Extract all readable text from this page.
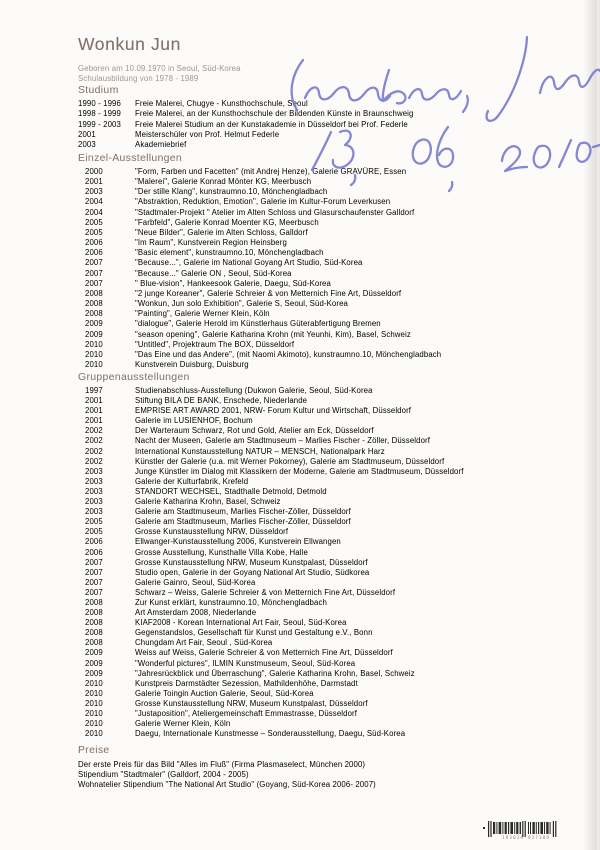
Wonkun Jun
Geboren am 10.09.1970 in Seoul, Süd-Korea
Schulausbildung von 1978 - 1989
Studium
1990 - 1996	Freie Malerei, Chugye - Kunsthochschule, Seoul
1998 - 1999	Freie Malerei, an der Kunsthochschule der Bildenden Künste in Braunschweig
1999 - 2003	Freie Malerei Studium an der Kunstakademie in Düsseldorf bei Prof. Federle
2001	Meisterschüler von Prof. Helmut Federle
2003	Akademiebrief
Einzel-Ausstellungen
2000	"Form, Farben und Facetten" (mit Andrej Henze), Galerie GRAVÜRE, Essen
2001	"Malerei", Galerie Konrad Mönter KG, Meerbusch
2003	"Der stille Klang", kunstraumno.10, Mönchengladbach
2004	"Abstraktion, Reduktion, Emotion", Galerie im Kultur-Forum Leverkusen
2004	"Stadtmaler-Projekt " Atelier im Alten Schloss und Glasurschaufenster Galldorf
2005	"Farbfeld", Galerie Konrad Moenter KG, Meerbusch
2005	"Neue Bilder", Galerie im Alten Schloss, Galldorf
2006	"Im Raum", Kunstverein Region Heinsberg
2006	"Basic element", kunstraumno.10, Mönchengladbach
2007	"Because...", Galerie im National Goyang Art Studio, Süd-Korea
2007	"Because..." Galerie ON , Seoul, Süd-Korea
2007	" Blue-vision", Hankeesook Galerie, Daegu, Süd-Korea
2008	"2 junge Koreaner", Galerie Schreier & von Metternich Fine Art, Düsseldorf
2008	"Wonkun, Jun solo Exhibition", Galerie S, Seoul, Süd-Korea
2008	"Painting", Galerie Werner Klein, Köln
2009	"dialogue", Galerie Herold im Künstlerhaus Güterabfertigung Bremen
2009	"season opening", Galerie Katharina Krohn (mit Yeunhi, Kim), Basel, Schweiz
2010	"Untitled", Projektraum The BOX, Düsseldorf
2010	"Das Eine und das Andere", (mit Naomi Akimoto), kunstraumno.10, Mönchengladbach
2010	Kunstverein Duisburg, Duisburg
Gruppenausstellungen
1997	Studienabschluss-Ausstellung (Dukwon Galerie, Seoul, Süd-Korea
2001	Stiftung BILA DE BANK, Enschede, Niederlande
2001	EMPRISE ART AWARD 2001, NRW- Forum Kultur und Wirtschaft, Düsseldorf
2001	Galerie im LUSIENHOF, Bochum
2002	Der Warteraum Schwarz, Rot und Gold, Atelier am Eck, Düsseldorf
2002	Nacht der Museen, Galerie am Stadtmuseum – Marlies Fischer - Zöller, Düsseldorf
2002	International Kunstausstellung NATUR – MENSCH, Nationalpark Harz
2002	Künstler der Galerie (u.a. mit Werner Pokorney), Galerie am Stadtmuseum, Düsseldorf
2003	Junge Künstler im Dialog mit Klassikern der Moderne, Galerie am Stadtmuseum, Düsseldorf
2003	Galerie der Kulturfabrik, Krefeld
2003	STANDORT WECHSEL, Stadthalle Detmold, Detmold
2003	Galerie Katharina Krohn, Basel, Schweiz
2003	Galerie am Stadtmuseum, Marlies Fischer-Zöller, Düsseldorf
2005	Galerie am Stadtmuseum, Marlies Fischer-Zöller, Düsseldorf
2005	Grosse Kunstausstellung NRW, Düsseldorf
2006	Ellwanger-Kunstausstellung 2006, Kunstverein Ellwangen
2006	Grosse Ausstellung, Kunsthalle Villa Kobe, Halle
2007	Grosse Kunstausstellung NRW, Museum Kunstpalast, Düsseldorf
2007	Studio open, Galerie in der Goyang National Art Studio, Südkorea
2007	Galerie Gainro, Seoul, Süd-Korea
2007	Schwarz – Weiss, Galerie Schreier & von Metternich Fine Art, Düsseldorf
2008	Zur Kunst erklärt, kunstraumno.10, Mönchengladbach
2008	Art Amsterdam 2008, Niederlande
2008	KIAF2008 - Korean International Art Fair, Seoul, Süd-Korea
2008	Gegenstandslos, Gesellschaft für Kunst und Gestaltung e.V., Bonn
2008	Chungdam Art Fair, Seoul , Süd-Korea
2009	Weiss auf Weiss, Galerie Schreier & von Metternich Fine Art, Düsseldorf
2009	"Wonderful pictures", ILMIN Kunstmuseum, Seoul, Süd-Korea
2009	"Jahresrückblick und Überraschung", Galerie Katharina Krohn, Basel, Schweiz
2010	Kunstpreis Darmstädter Sezession, Mathildenhöhe, Darmstadt
2010	Galerie Toingin Auction Galerie, Seoul, Süd-Korea
2010	Grosse Kunstausstellung NRW, Museum Kunstpalast, Düsseldorf
2010	"Justaposition", Ateliergemeinschaft Emmastrasse, Düsseldorf
2010	Galerie Werner Klein, Köln
2010	Daegu, Internationale Kunstmesse – Sonderausstellung, Daegu, Süd-Korea
Preise
Der erste Preis für das Bild "Alles im Fluß" (Firma Plasmaselect, München 2000)
Stipendium "Stadtmaler" (Galldorf, 2004 - 2005)
Wohnatelier Stipendium "The National Art Studio" (Goyang, Süd-Korea 2006- 2007)
193019 937309
